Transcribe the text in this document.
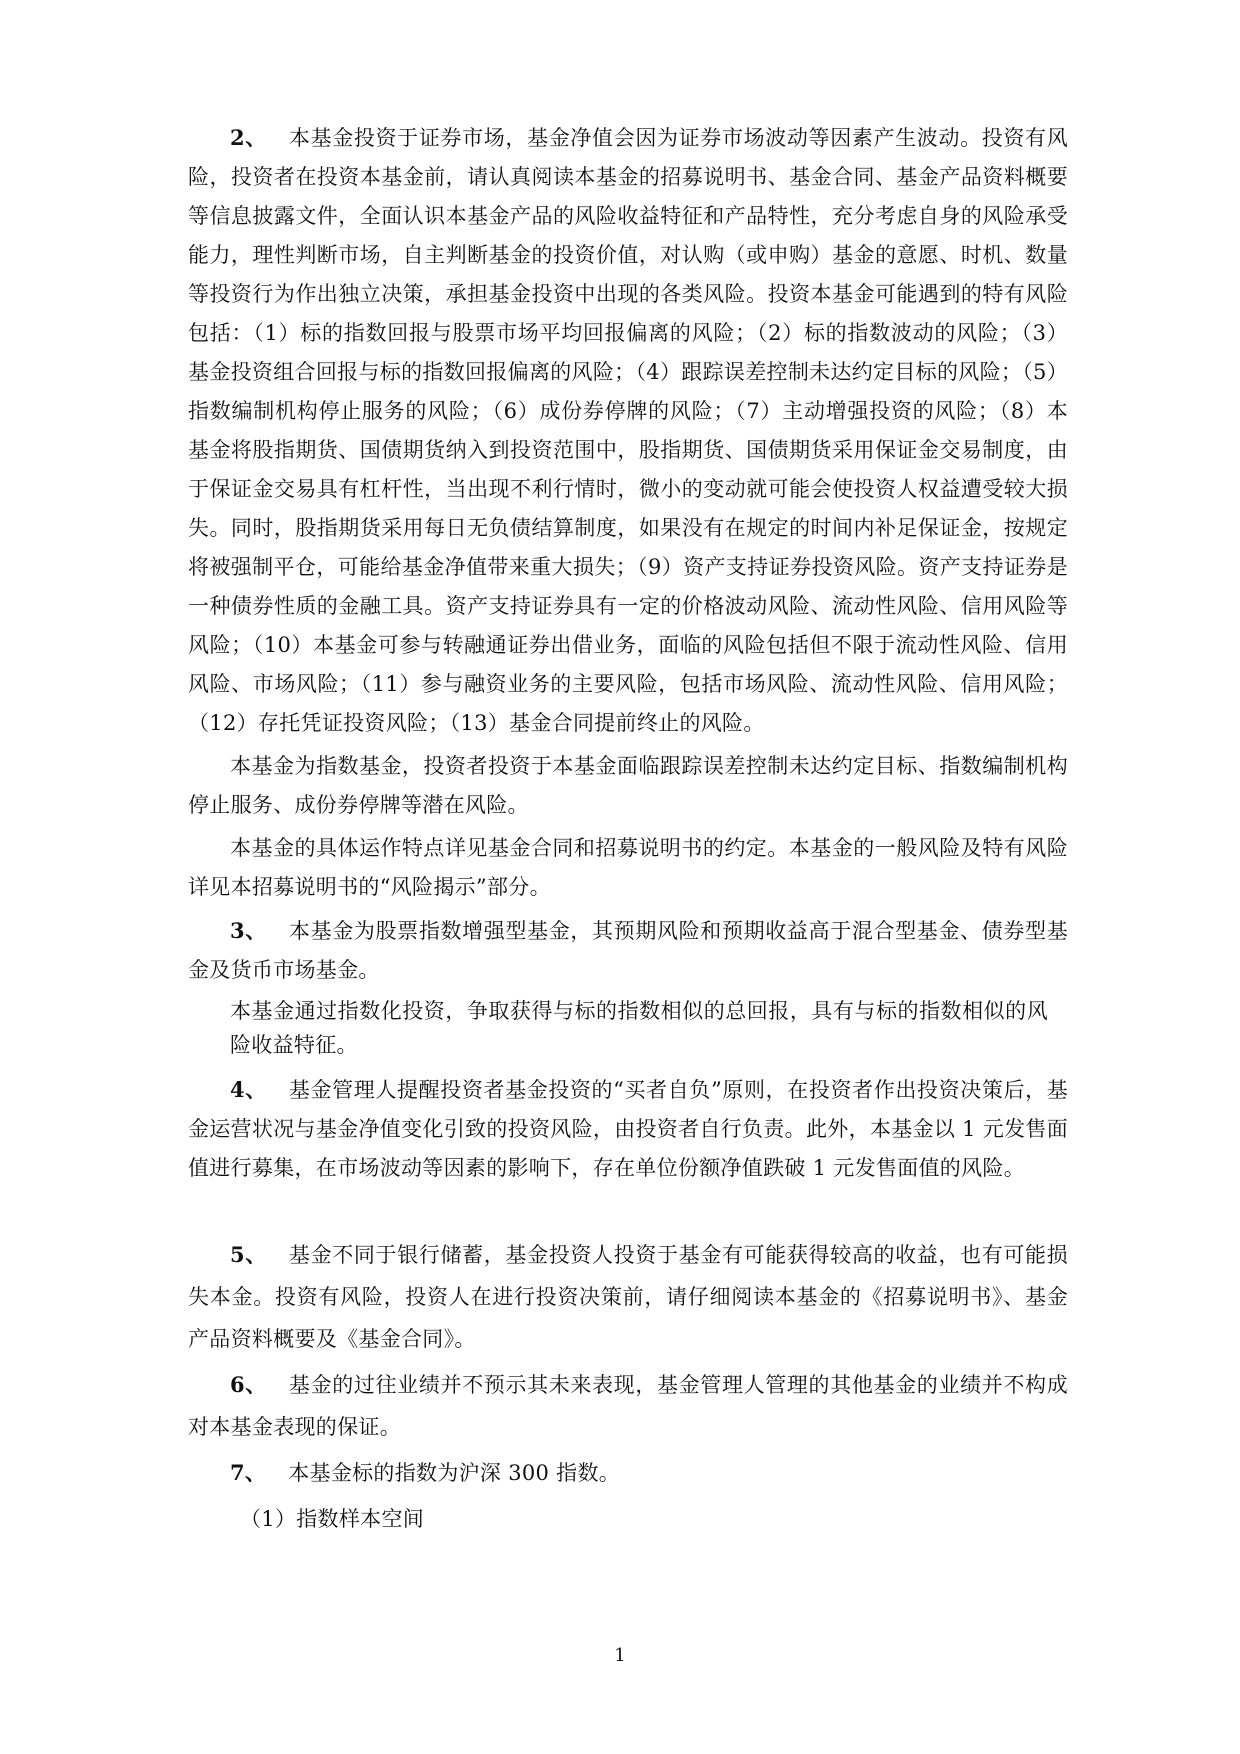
2、 本基金投资于证券市场，基金净值会因为证券市场波动等因素产生波动。投资有风险，投资者在投资本基金前，请认真阅读本基金的招募说明书、基金合同、基金产品资料概要等信息披露文件，全面认识本基金产品的风险收益特征和产品特性，充分考虑自身的风险承受能力，理性判断市场，自主判断基金的投资价值，对认购（或申购）基金的意愿、时机、数量等投资行为作出独立决策，承担基金投资中出现的各类风险。投资本基金可能遇到的特有风险包括：（1）标的指数回报与股票市场平均回报偏离的风险；（2）标的指数波动的风险；（3）基金投资组合回报与标的指数回报偏离的风险；（4）跟踪误差控制未达约定目标的风险；（5）指数编制机构停止服务的风险；（6）成份券停牌的风险；（7）主动增强投资的风险；（8）本基金将股指期货、国债期货纳入到投资范围中，股指期货、国债期货采用保证金交易制度，由于保证金交易具有杠杆性，当出现不利行情时，微小的变动就可能会使投资人权益遭受较大损失。同时，股指期货采用每日无负债结算制度，如果没有在规定的时间内补足保证金，按规定将被强制平仓，可能给基金净值带来重大损失；（9）资产支持证券投资风险。资产支持证券是一种债券性质的金融工具。资产支持证券具有一定的价格波动风险、流动性风险、信用风险等风险；（10）本基金可参与转融通证券出借业务，面临的风险包括但不限于流动性风险、信用风险、市场风险；（11）参与融资业务的主要风险，包括市场风险、流动性风险、信用风险；（12）存托凭证投资风险；（13）基金合同提前终止的风险。

本基金为指数基金，投资者投资于本基金面临跟踪误差控制未达约定目标、指数编制机构停止服务、成份券停牌等潜在风险。

本基金的具体运作特点详见基金合同和招募说明书的约定。本基金的一般风险及特有风险详见本招募说明书的“风险揭示”部分。

3、 本基金为股票指数增强型基金，其预期风险和预期收益高于混合型基金、债券型基金及货币市场基金。

本基金通过指数化投资，争取获得与标的指数相似的总回报，具有与标的指数相似的风险收益特征。

4、 基金管理人提醒投资者基金投资的“买者自负”原则，在投资者作出投资决策后，基金运营状况与基金净值变化引致的投资风险，由投资者自行负责。此外，本基金以 1 元发售面值进行募集，在市场波动等因素的影响下，存在单位份额净值跌破 1 元发售面值的风险。

5、 基金不同于银行储蓄，基金投资人投资于基金有可能获得较高的收益，也有可能损失本金。投资有风险，投资人在进行投资决策前，请仔细阅读本基金的《招募说明书》、基金产品资料概要及《基金合同》。

6、 基金的过往业绩并不预示其未来表现，基金管理人管理的其他基金的业绩并不构成对本基金表现的保证。

7、 本基金标的指数为沪深 300 指数。

（1）指数样本空间

1
